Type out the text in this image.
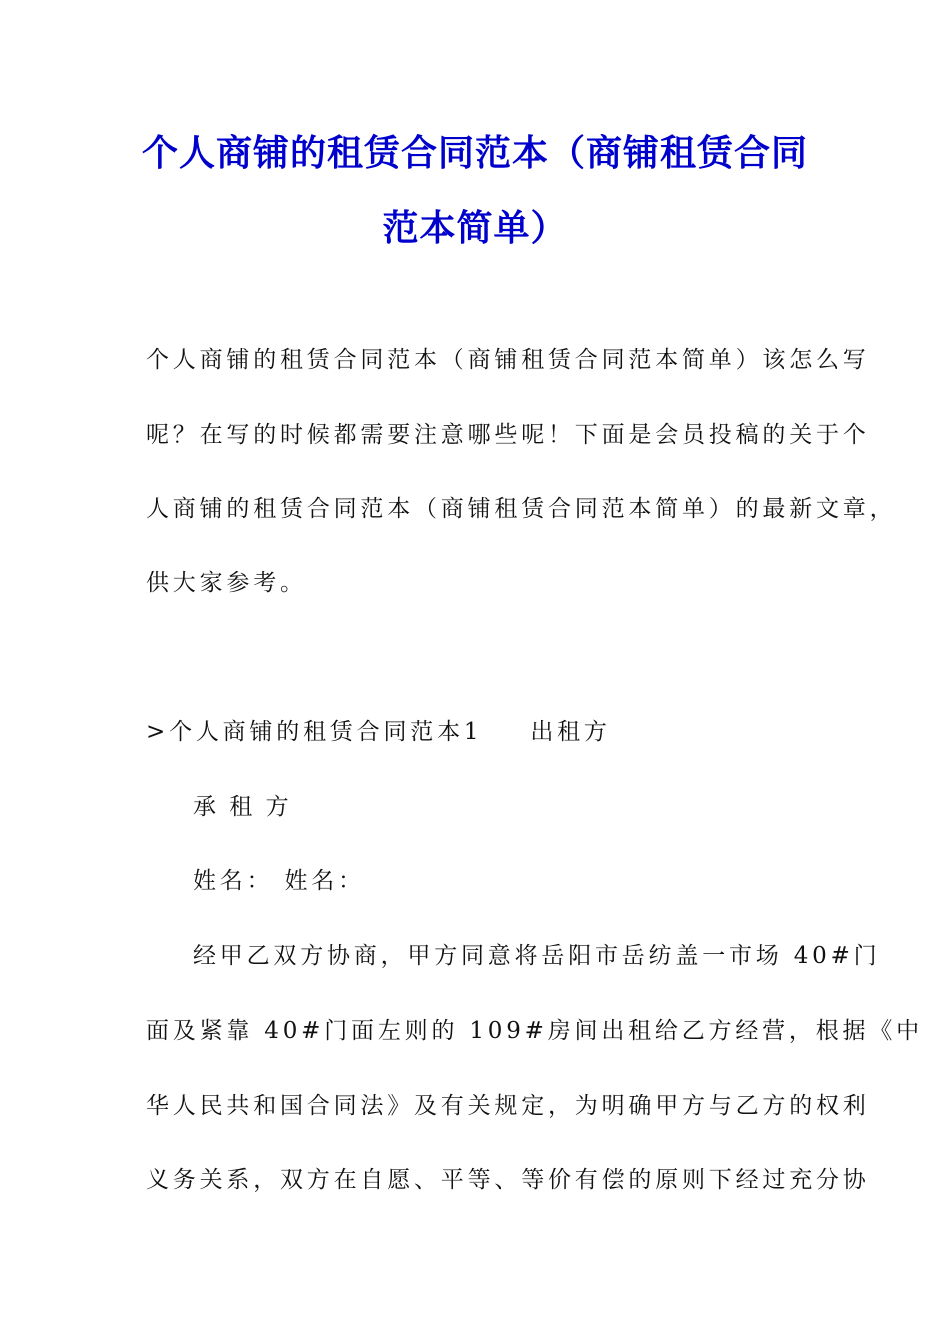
个人商铺的租赁合同范本（商铺租赁合同
范本简单）
个人商铺的租赁合同范本（商铺租赁合同范本简单）该怎么写
呢？在写的时候都需要注意哪些呢！下面是会员投稿的关于个
人商铺的租赁合同范本（商铺租赁合同范本简单）的最新文章，
供大家参考。
>个人商铺的租赁合同范本1 出租方
承 租 方
姓名： 姓名：
经甲乙双方协商，甲方同意将岳阳市岳纺盖一市场 40#门
面及紧靠 40#门面左则的 109#房间出租给乙方经营，根据《中
华人民共和国合同法》及有关规定，为明确甲方与乙方的权利
义务关系，双方在自愿、平等、等价有偿的原则下经过充分协
